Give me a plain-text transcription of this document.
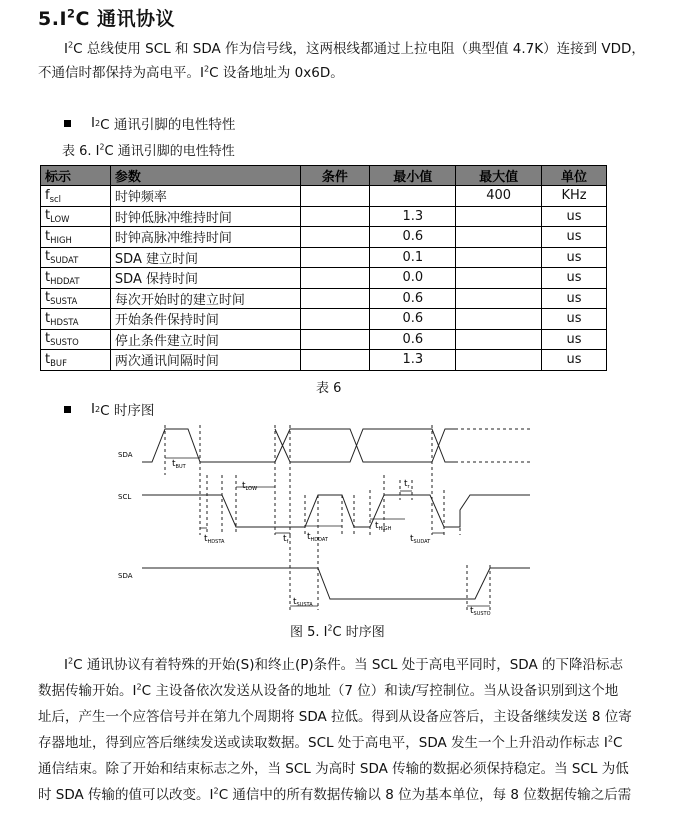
$5.I^2C$ 通讯协议
$I^2C$ 总线使用 SCL 和 SDA 作为信号线，这两根线都通过上拉电阻（典型值 4.7K）连接到 VDD，
不通信时都保持为高电平。$I^2C$ 设备地址为 0x6D。
I 2 C 通讯引脚的电性特性
表 6. $I^2C$ 通讯引脚的电性特性
标示	参数	条件	最小值	最大值	单位
$f_{scl}$	时钟频率			400	KHz
$t_{LOW}$	时钟低脉冲维持时间		1.3		us
$t_{HIGH}$	时钟高脉冲维持时间		0.6		us
$t_{SUDAT}$	SDA 建立时间		0.1		us
$t_{HDDAT}$	SDA 保持时间		0.0		us
$t_{SUSTA}$	每次开始时的建立时间		0.6		us
$t_{HDSTA}$	开始条件保持时间		0.6		us
$t_{SUSTO}$	停止条件建立时间		0.6		us
$t_{BUF}$	两次通讯间隔时间		1.3		us
表 6
I 2 C 时序图
SDA
SCL
SDA
$t_{BUT}$
$t_{LOW}$
$t_{HDSTA}$	$t_f$ $t_{HDDAT}$
$t_{HIGH}$
$t_r$
$t_{SUDAT}$
$t_{SUSTA}$
$t_{SUSTO}$
图 5. $I^2C$ 时序图
$I^2C$ 通讯协议有着特殊的开始(S)和终止(P)条件。当 SCL 处于高电平同时，SDA 的下降沿标志
数据传输开始。$I^2C$ 主设备依次发送从设备的地址（7 位）和读/写控制位。当从设备识别到这个地
址后，产生一个应答信号并在第九个周期将 SDA 拉低。得到从设备应答后，主设备继续发送 8 位寄
存器地址，得到应答后继续发送或读取数据。SCL 处于高电平，SDA 发生一个上升沿动作标志 $I^2C$
通信结束。除了开始和结束标志之外，当 SCL 为高时 SDA 传输的数据必须保持稳定。当 SCL 为低
时 SDA 传输的值可以改变。$I^2C$ 通信中的所有数据传输以 8 位为基本单位，每 8 位数据传输之后需
